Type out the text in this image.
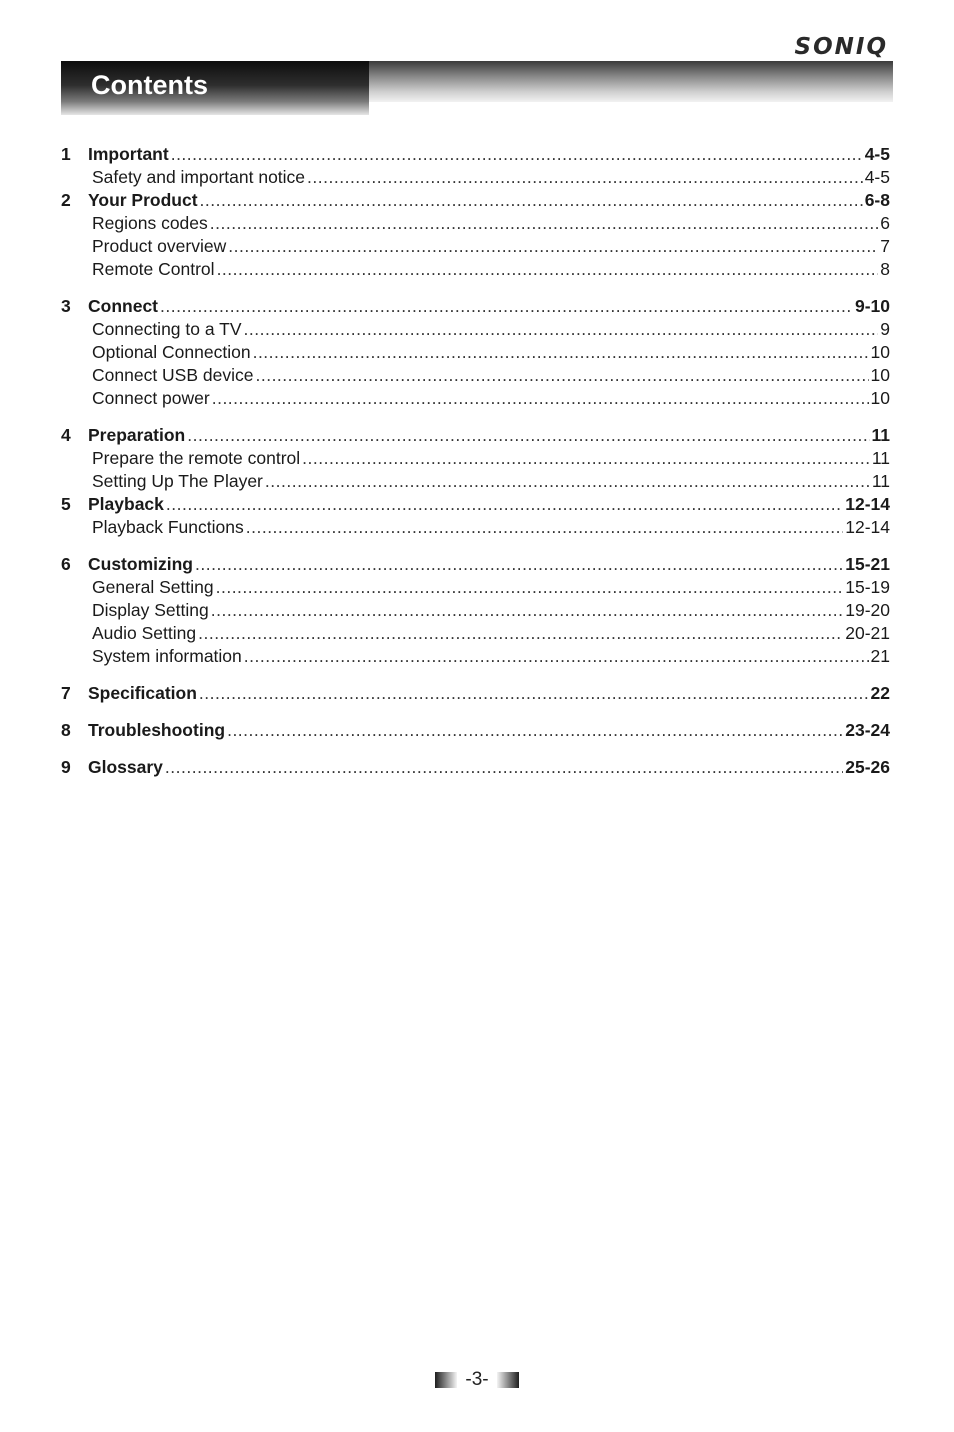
SONIQ
Contents
1 Important .....	4-5
Safety and important notice .....	4-5
2 Your Product .....	6-8
Regions codes .....	6
Product overview .....	7
Remote Control .....	8
3 Connect .....	9-10
Connecting to a TV .....	9
Optional Connection .....	10
Connect USB device .....	10
Connect power .....	10
4 Preparation .....	11
Prepare the remote control .....	11
Setting Up The Player .....	11
5 Playback .....	12-14
Playback Functions .....	12-14
6 Customizing .....	15-21
General Setting .....	15-19
Display Setting .....	19-20
Audio Setting .....	20-21
System information .....	21
7 Specification .....	22
8 Troubleshooting .....	23-24
9 Glossary .....	25-26
-3-
